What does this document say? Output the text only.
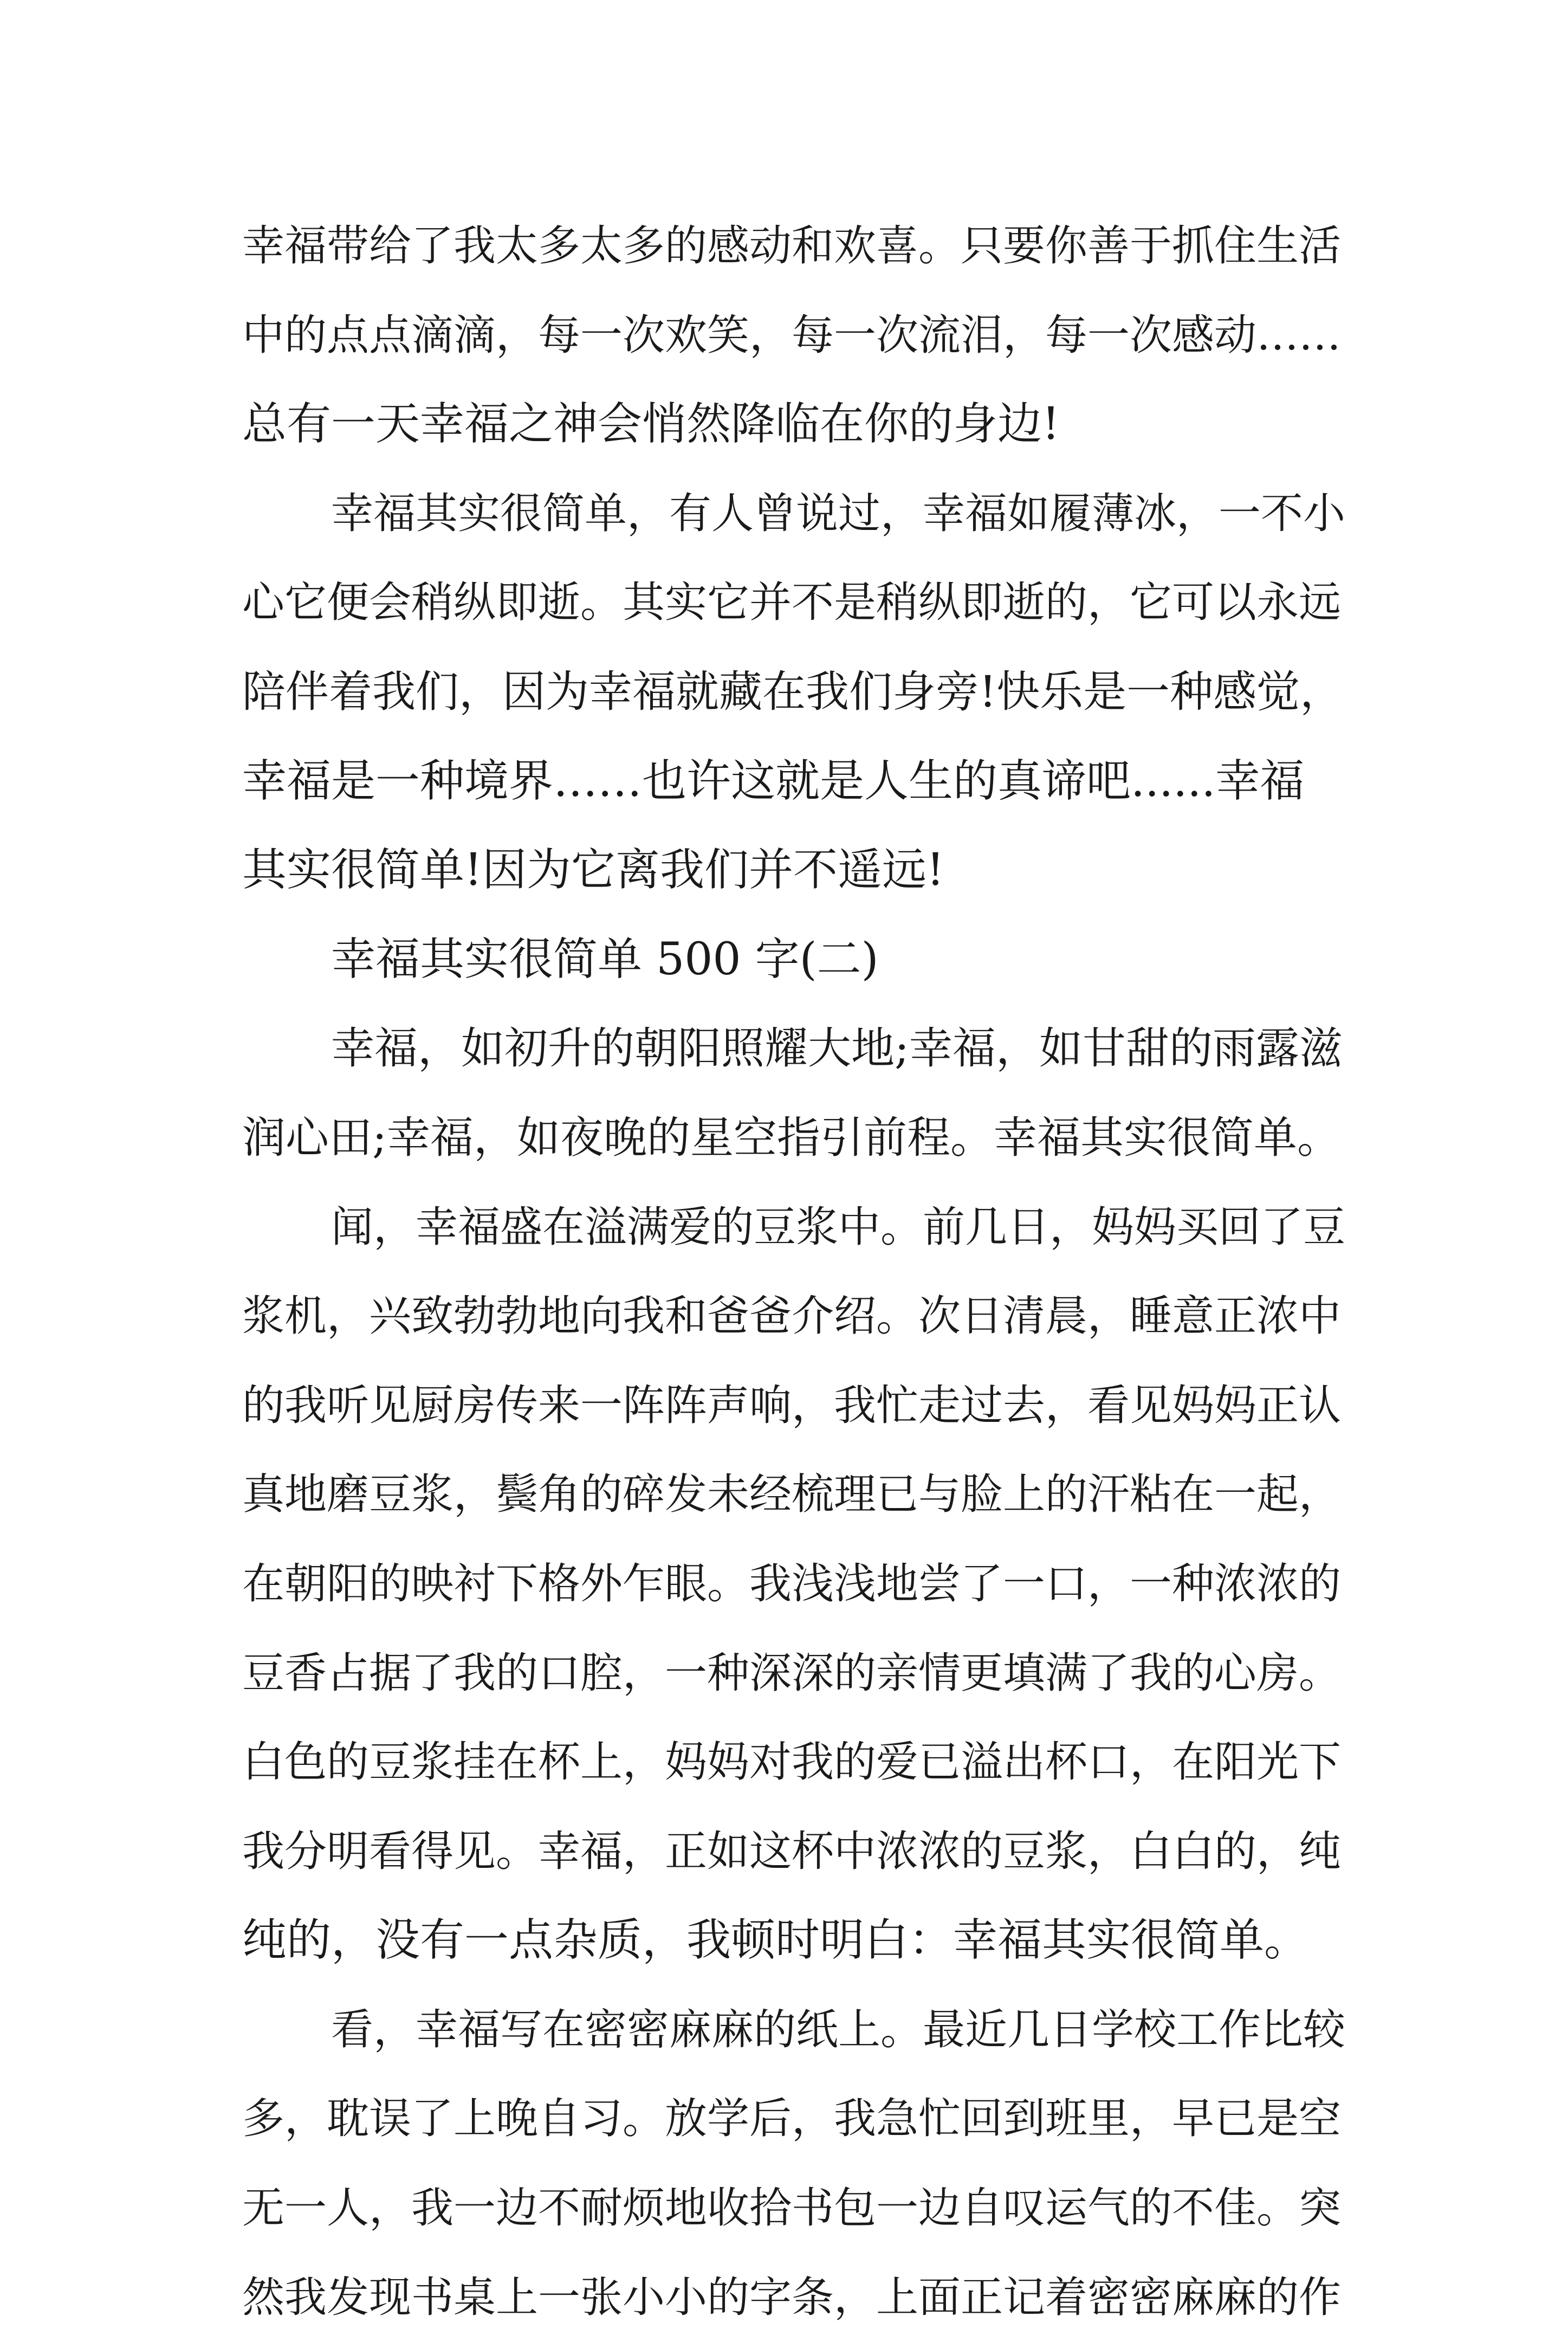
幸福带给了我太多太多的感动和欢喜。只要你善于抓住生活
中的点点滴滴，每一次欢笑，每一次流泪，每一次感动……
总有一天幸福之神会悄然降临在你的身边!
幸福其实很简单，有人曾说过，幸福如履薄冰，一不小
心它便会稍纵即逝。其实它并不是稍纵即逝的，它可以永远
陪伴着我们，因为幸福就藏在我们身旁!快乐是一种感觉，
幸福是一种境界……也许这就是人生的真谛吧......幸福
其实很简单!因为它离我们并不遥远!
幸福其实很简单 500 字(二)
幸福，如初升的朝阳照耀大地;幸福，如甘甜的雨露滋
润心田;幸福，如夜晚的星空指引前程。幸福其实很简单。
闻，幸福盛在溢满爱的豆浆中。前几日，妈妈买回了豆
浆机，兴致勃勃地向我和爸爸介绍。次日清晨，睡意正浓中
的我听见厨房传来一阵阵声响，我忙走过去，看见妈妈正认
真地磨豆浆，鬓角的碎发未经梳理已与脸上的汗粘在一起，
在朝阳的映衬下格外乍眼。我浅浅地尝了一口，一种浓浓的
豆香占据了我的口腔，一种深深的亲情更填满了我的心房。
白色的豆浆挂在杯上，妈妈对我的爱已溢出杯口，在阳光下
我分明看得见。幸福，正如这杯中浓浓的豆浆，白白的，纯
纯的，没有一点杂质，我顿时明白：幸福其实很简单。
看，幸福写在密密麻麻的纸上。最近几日学校工作比较
多，耽误了上晚自习。放学后，我急忙回到班里，早已是空
无一人，我一边不耐烦地收拾书包一边自叹运气的不佳。突
然我发现书桌上一张小小的字条，上面正记着密密麻麻的作
